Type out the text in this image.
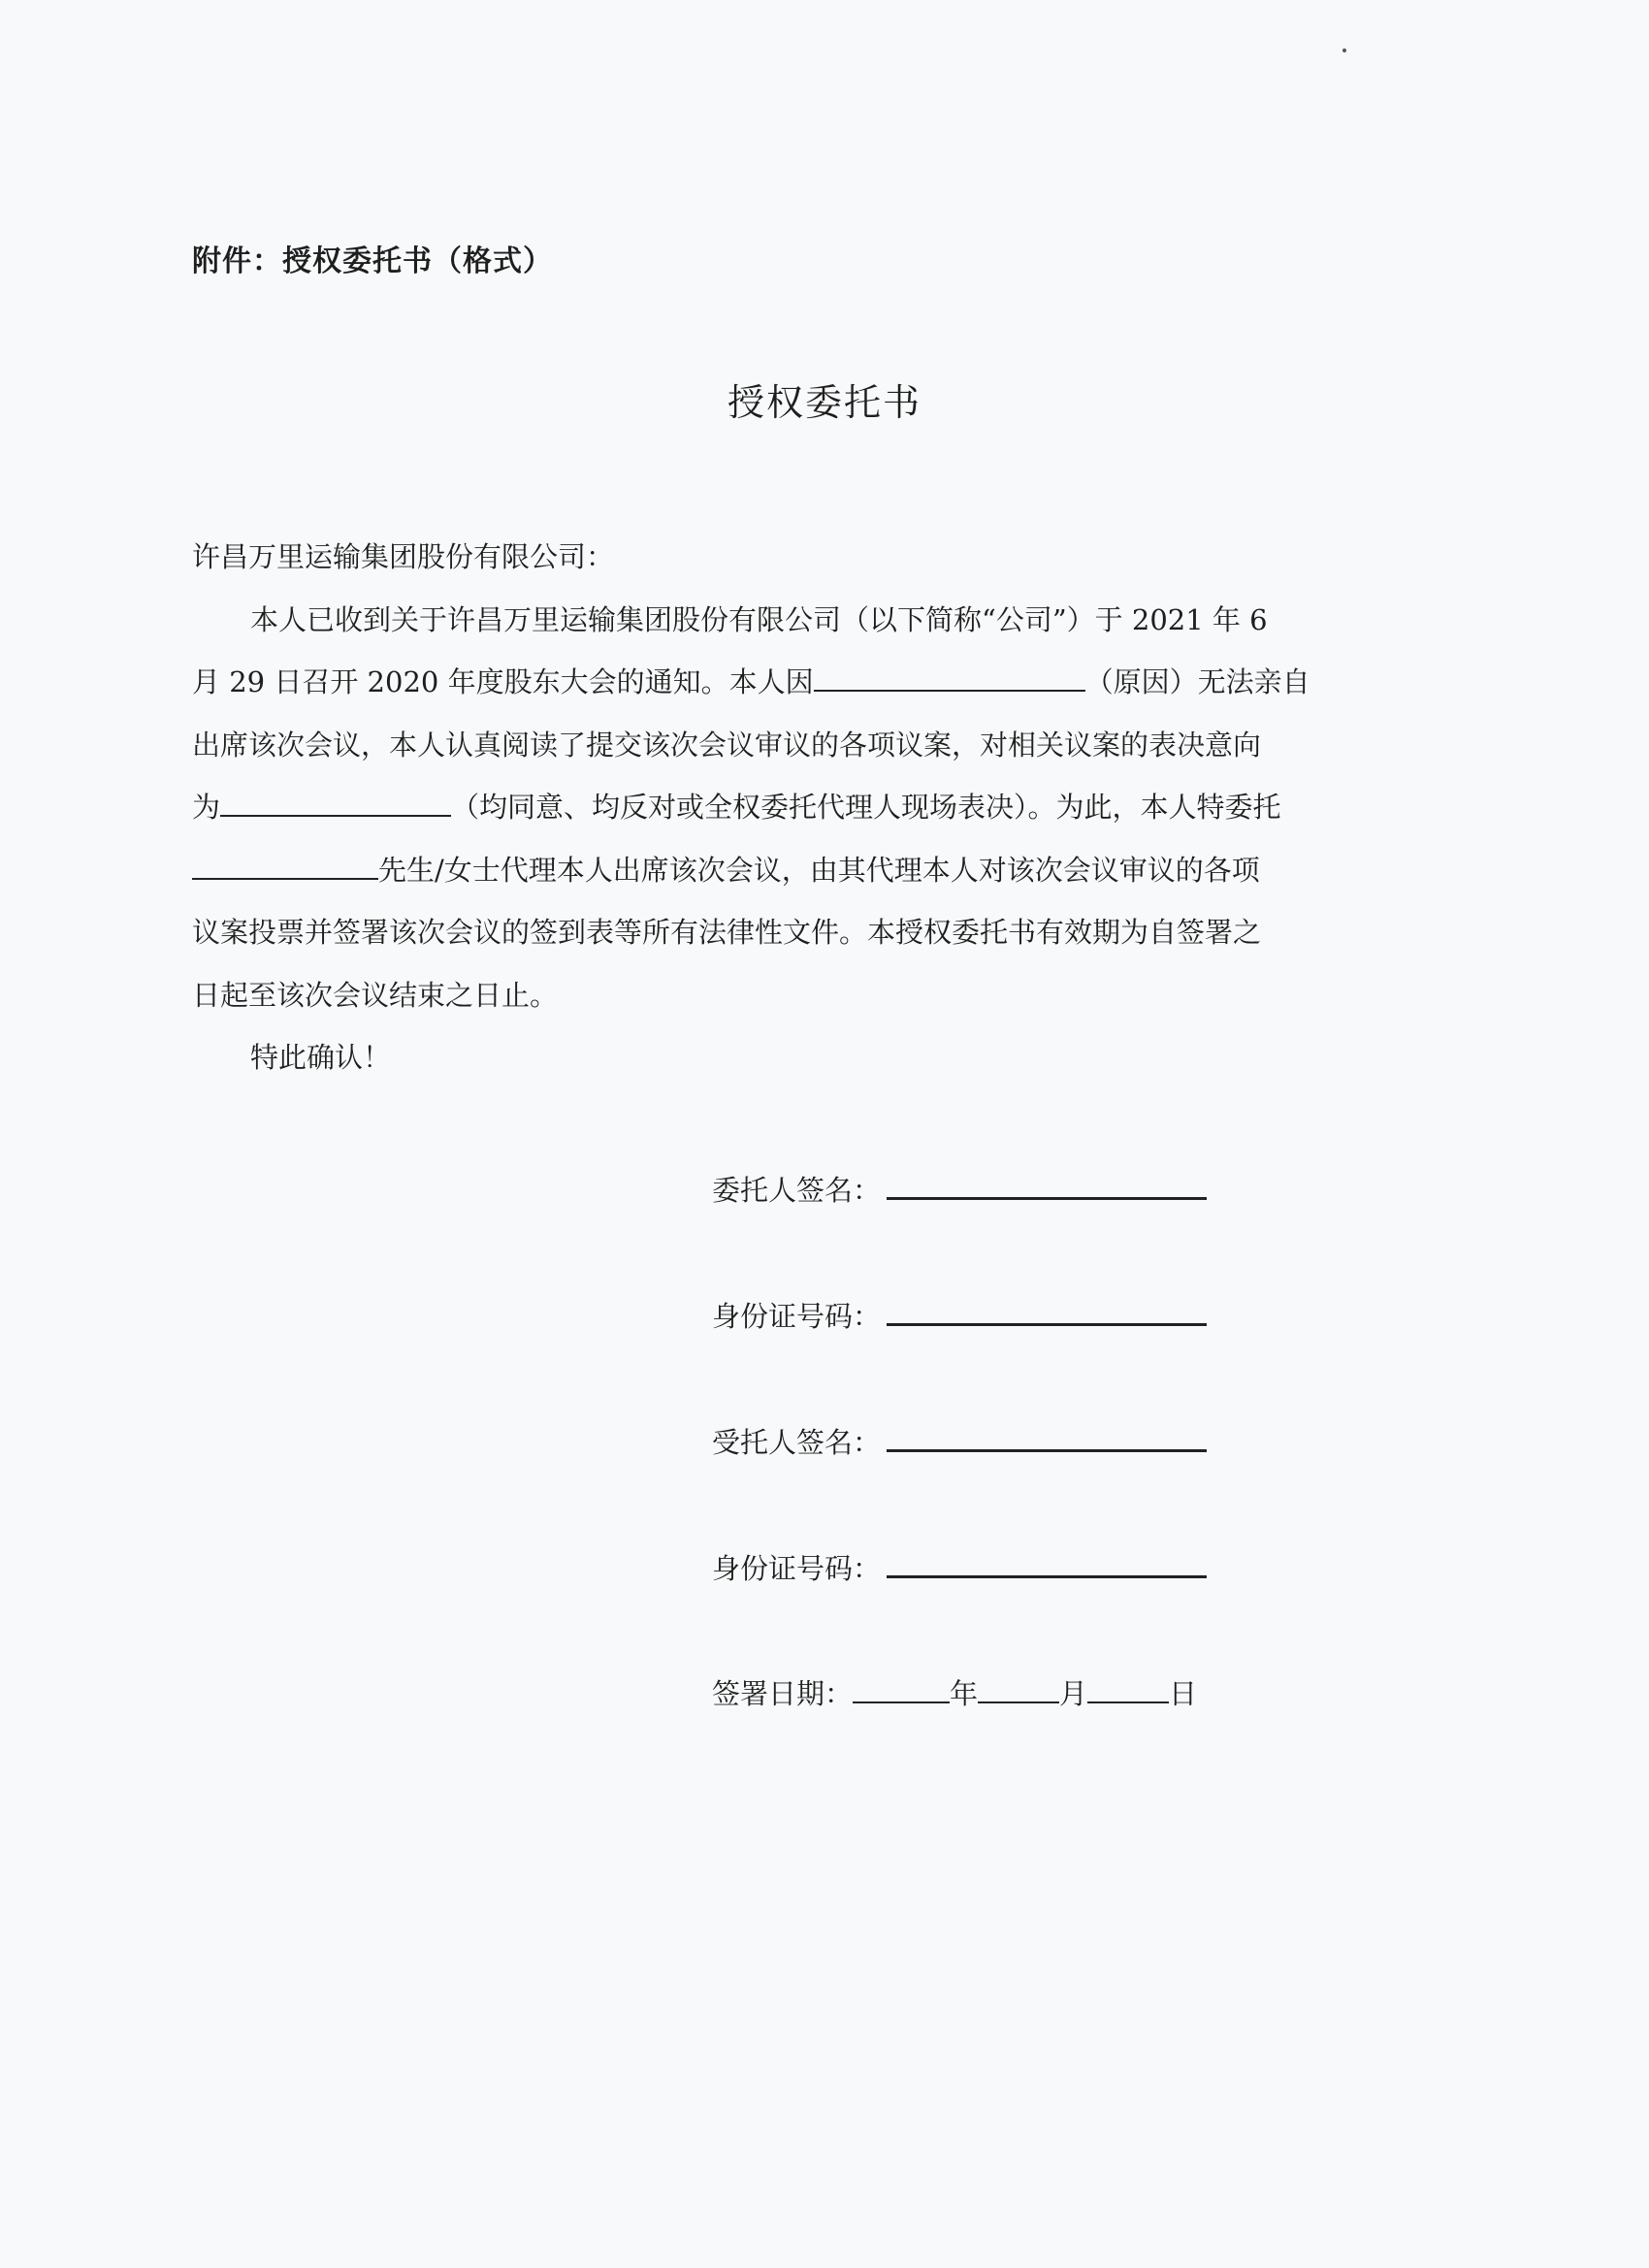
附件：授权委托书（格式）
授权委托书
许昌万里运输集团股份有限公司：
本人已收到关于许昌万里运输集团股份有限公司（以下简称“公司”）于 2021 年 6
月 29 日召开 2020 年度股东大会的通知。本人因	（原因）无法亲自
出席该次会议，本人认真阅读了提交该次会议审议的各项议案，对相关议案的表决意向
为	（均同意、均反对或全权委托代理人现场表决）。为此，本人特委托
先生/女士代理本人出席该次会议，由其代理本人对该次会议审议的各项
议案投票并签署该次会议的签到表等所有法律性文件。本授权委托书有效期为自签署之
日起至该次会议结束之日止。
特此确认！
委托人签名：
身份证号码：
受托人签名：
身份证号码：
签署日期：	年	月	日
